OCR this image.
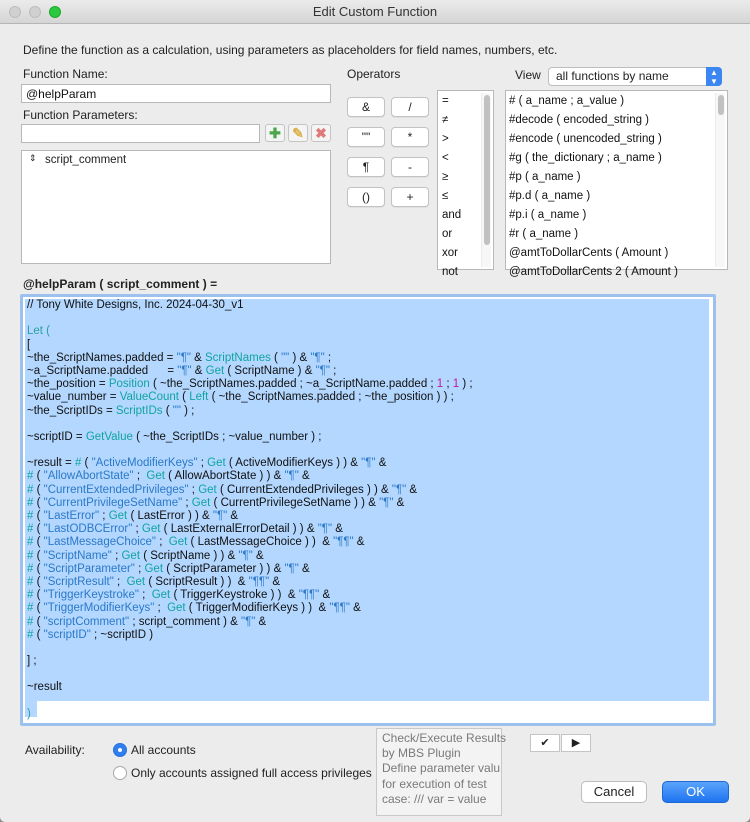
Edit Custom Function
Define the function as a calculation, using parameters as placeholders for field names, numbers, etc.
Function Name:
@helpParam
Function Parameters:
✚ ✎ ✖
⇕ script_comment
Operators
&	/
""	*
¶	-
()	+
=
≠
>
<
≥
≤
and
or
xor
not
View	all functions by name	▲
▼
# ( a_name ; a_value )
#decode ( encoded_string )
#encode ( unencoded_string )
#g ( the_dictionary ; a_name )
#p ( a_name )
#p.d ( a_name )
#p.i ( a_name )
#r ( a_name )
@amtToDollarCents ( Amount )
@amtToDollarCents 2 ( Amount )
@helpParam ( script_comment ) =
// Tony White Designs, Inc. 2024-04-30_v1

Let (
[
~the_ScriptNames.padded = "¶" & ScriptNames ( "" ) & "¶" ;
~a_ScriptName.padded      = "¶" & Get ( ScriptName ) & "¶" ;
~the_position = Position ( ~the_ScriptNames.padded ; ~a_ScriptName.padded ; 1 ; 1 ) ;
~value_number = ValueCount ( Left ( ~the_ScriptNames.padded ; ~the_position ) ) ;
~the_ScriptIDs = ScriptIDs ( "" ) ;

~scriptID = GetValue ( ~the_ScriptIDs ; ~value_number ) ;

~result = # ( "ActiveModifierKeys" ; Get ( ActiveModifierKeys ) ) & "¶" &
# ( "AllowAbortState" ;  Get ( AllowAbortState ) ) & "¶" &
# ( "CurrentExtendedPrivileges" ; Get ( CurrentExtendedPrivileges ) ) & "¶" &
# ( "CurrentPrivilegeSetName" ; Get ( CurrentPrivilegeSetName ) ) & "¶" &
# ( "LastError" ; Get ( LastError ) ) & "¶" &
# ( "LastODBCError" ; Get ( LastExternalErrorDetail ) ) & "¶" &
# ( "LastMessageChoice" ;  Get ( LastMessageChoice ) )  & "¶¶" &
# ( "ScriptName" ; Get ( ScriptName ) ) & "¶" &
# ( "ScriptParameter" ; Get ( ScriptParameter ) ) & "¶" &
# ( "ScriptResult" ;  Get ( ScriptResult ) )  & "¶¶" &
# ( "TriggerKeystroke" ;  Get ( TriggerKeystroke ) )  & "¶¶" &
# ( "TriggerModifierKeys" ;  Get ( TriggerModifierKeys ) )  & "¶¶" &
# ( "scriptComment" ; script_comment ) & "¶" &
# ( "scriptID" ; ~scriptID )

] ;

~result

)
Availability:	All accounts
Only accounts assigned full access privileges
Check/Execute Results
by MBS Plugin
Define parameter valu
for execution of test
case: /// var = value
✔	▶
Cancel	OK
